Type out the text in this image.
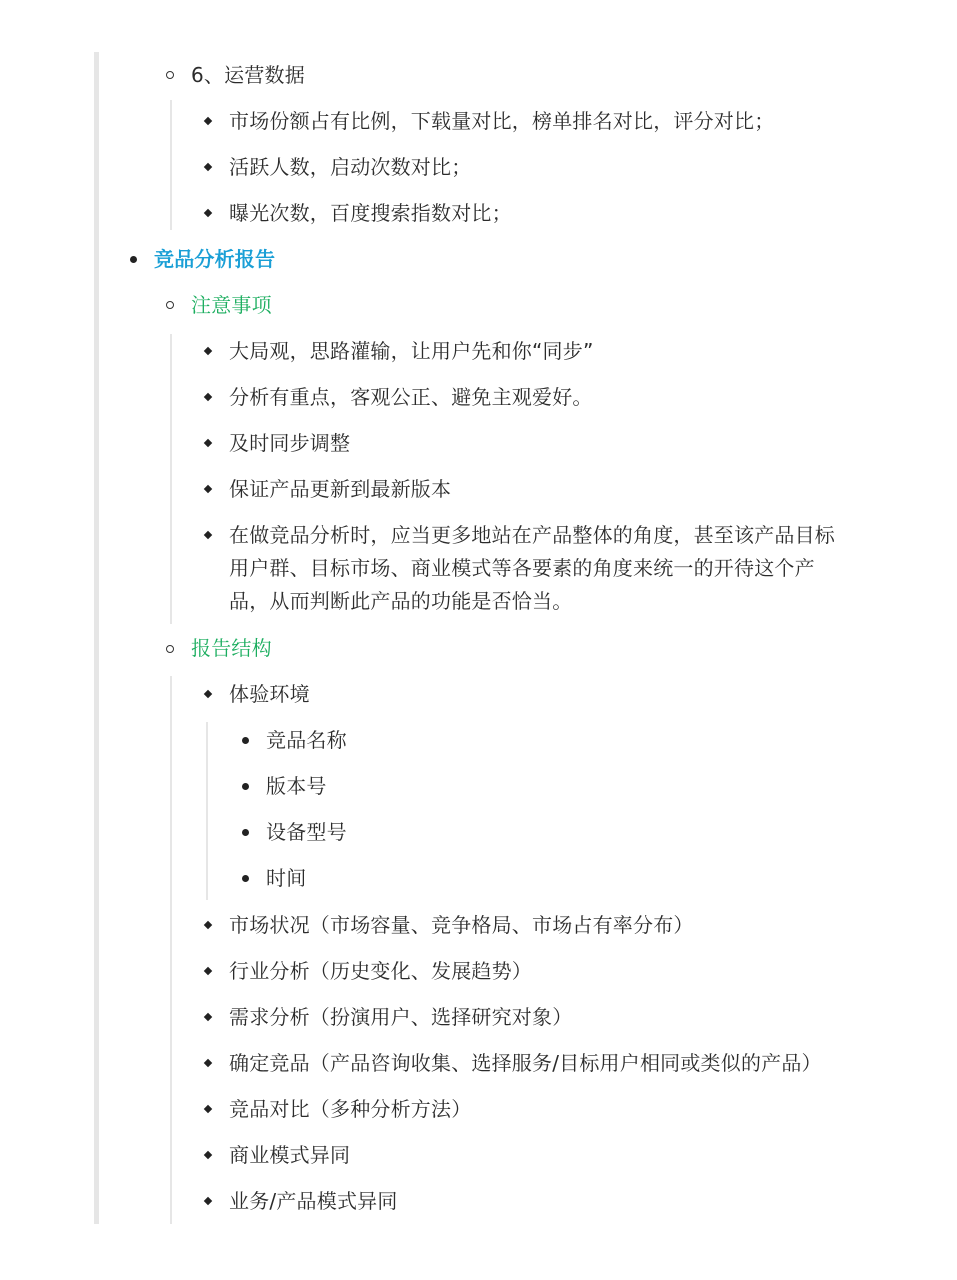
6、运营数据
市场份额占有比例，下载量对比，榜单排名对比，评分对比；
活跃人数，启动次数对比；
曝光次数，百度搜索指数对比；
竞品分析报告
注意事项
大局观，思路灌输，让用户先和你“同步”
分析有重点，客观公正、避免主观爱好。
及时同步调整
保证产品更新到最新版本
在做竞品分析时，应当更多地站在产品整体的角度，甚至该产品目标
用户群、目标市场、商业模式等各要素的角度来统一的开待这个产
品，从而判断此产品的功能是否恰当。
报告结构
体验环境
竞品名称
版本号
设备型号
时间
市场状况（市场容量、竞争格局、市场占有率分布）
行业分析（历史变化、发展趋势）
需求分析（扮演用户、选择研究对象）
确定竞品（产品咨询收集、选择服务/目标用户相同或类似的产品）
竞品对比（多种分析方法）
商业模式异同
业务/产品模式异同
